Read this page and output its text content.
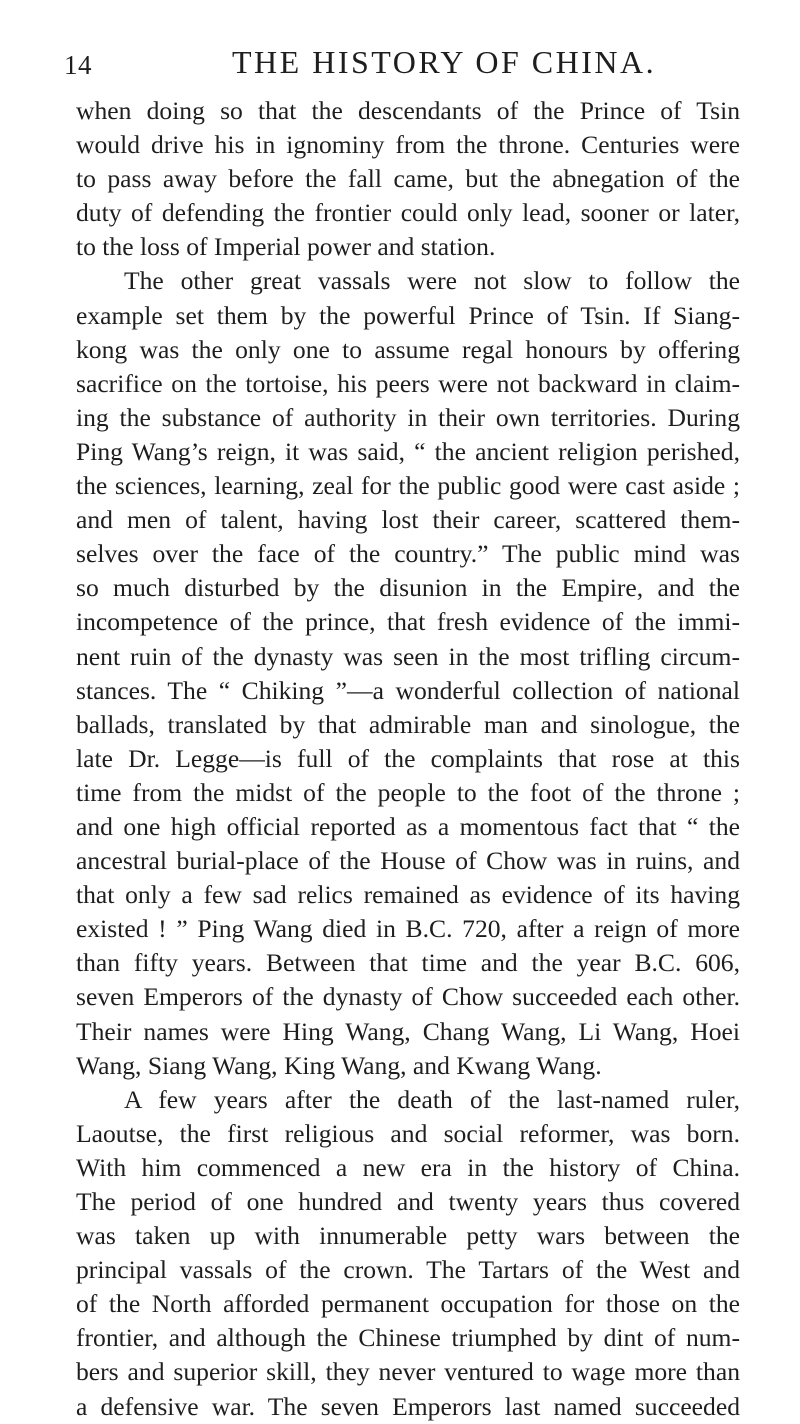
14	THE HISTORY OF CHINA.
when doing so that the descendants of the Prince of Tsin
would drive his in ignominy from the throne. Centuries were
to pass away before the fall came, but the abnegation of the
duty of defending the frontier could only lead, sooner or later,
to the loss of Imperial power and station.
The other great vassals were not slow to follow the
example set them by the powerful Prince of Tsin. If Siang-
kong was the only one to assume regal honours by offering
sacrifice on the tortoise, his peers were not backward in claim-
ing the substance of authority in their own territories. During
Ping Wang’s reign, it was said, “ the ancient religion perished,
the sciences, learning, zeal for the public good were cast aside ;
and men of talent, having lost their career, scattered them-
selves over the face of the country.” The public mind was
so much disturbed by the disunion in the Empire, and the
incompetence of the prince, that fresh evidence of the immi-
nent ruin of the dynasty was seen in the most trifling circum-
stances. The “ Chiking ”—a wonderful collection of national
ballads, translated by that admirable man and sinologue, the
late Dr. Legge—is full of the complaints that rose at this
time from the midst of the people to the foot of the throne ;
and one high official reported as a momentous fact that “ the
ancestral burial-place of the House of Chow was in ruins, and
that only a few sad relics remained as evidence of its having
existed ! ” Ping Wang died in B.C. 720, after a reign of more
than fifty years. Between that time and the year B.C. 606,
seven Emperors of the dynasty of Chow succeeded each other.
Their names were Hing Wang, Chang Wang, Li Wang, Hoei
Wang, Siang Wang, King Wang, and Kwang Wang.
A few years after the death of the last-named ruler,
Laoutse, the first religious and social reformer, was born.
With him commenced a new era in the history of China.
The period of one hundred and twenty years thus covered
was taken up with innumerable petty wars between the
principal vassals of the crown. The Tartars of the West and
of the North afforded permanent occupation for those on the
frontier, and although the Chinese triumphed by dint of num-
bers and superior skill, they never ventured to wage more than
a defensive war. The seven Emperors last named succeeded
